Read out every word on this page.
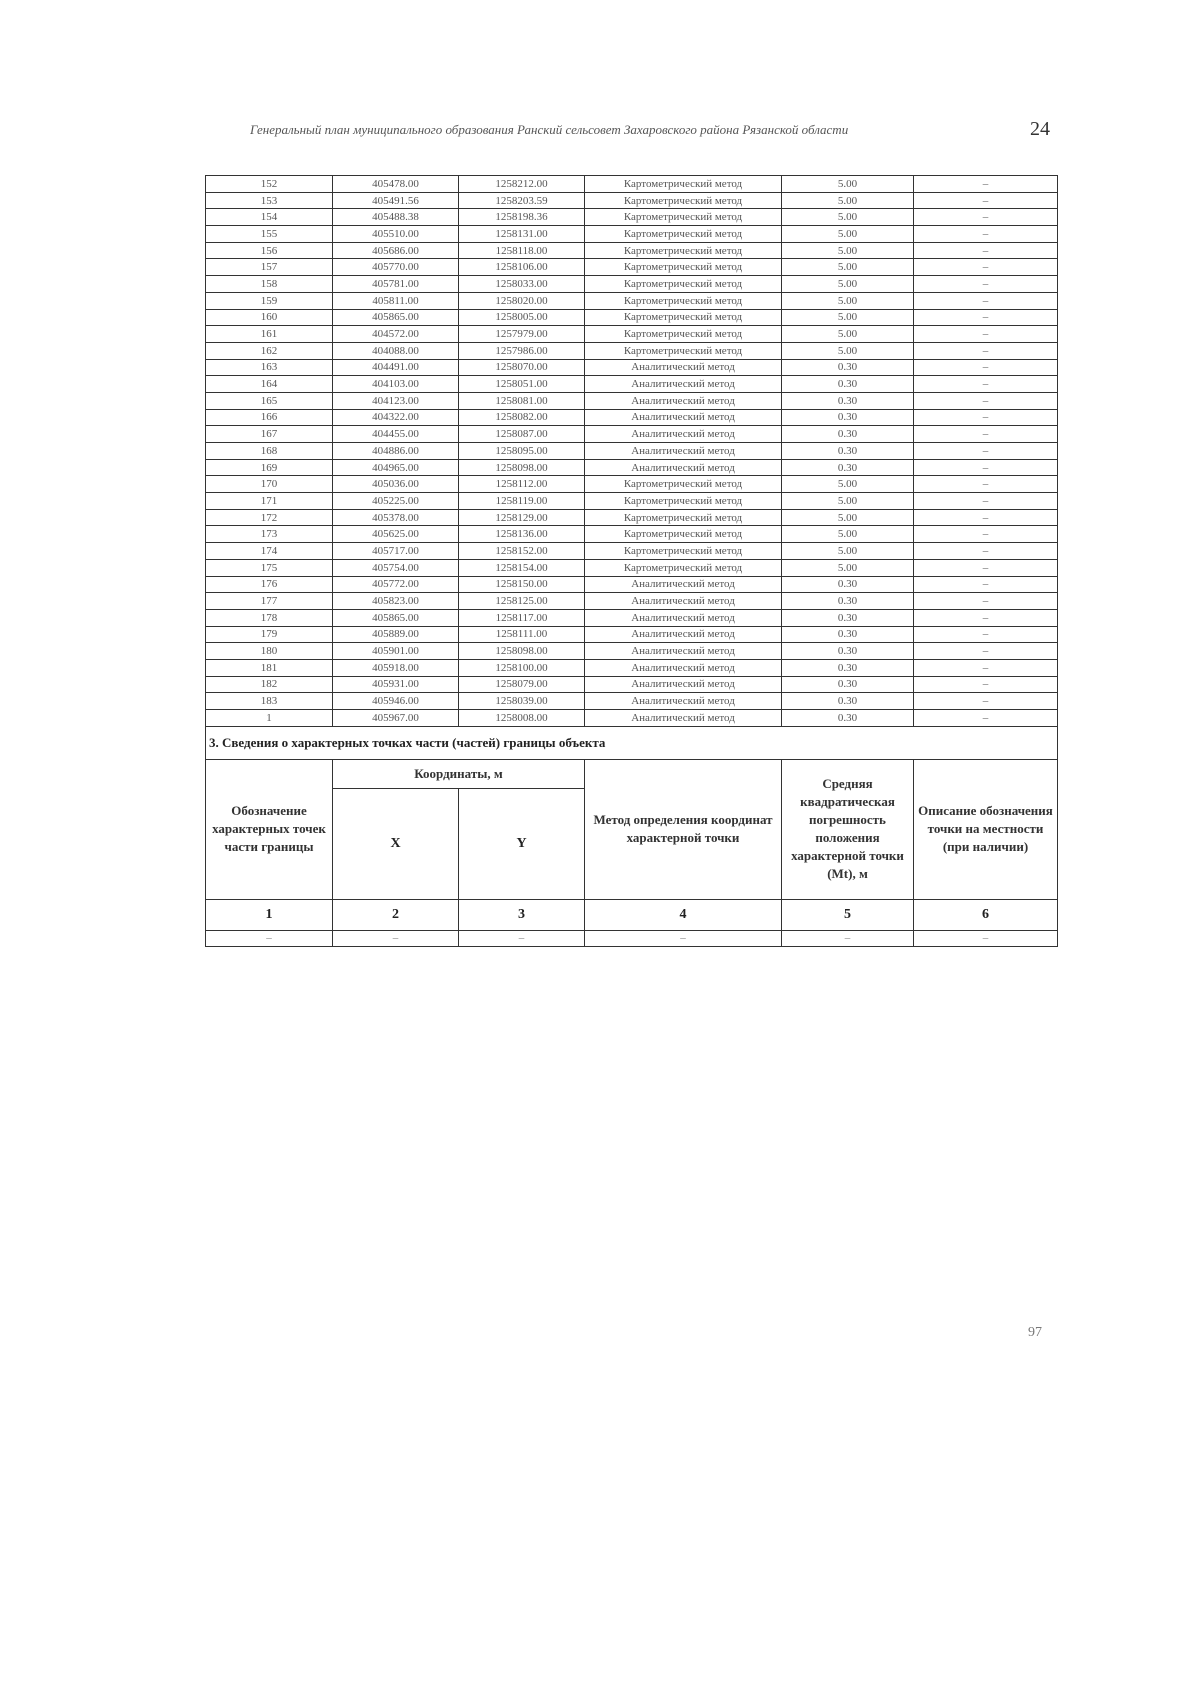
Генеральный план муниципального образования Ранский сельсовет Захаровского района Рязанской области	24
152	405478.00	1258212.00	Картометрический метод	5.00	–
153	405491.56	1258203.59	Картометрический метод	5.00	–
154	405488.38	1258198.36	Картометрический метод	5.00	–
155	405510.00	1258131.00	Картометрический метод	5.00	–
156	405686.00	1258118.00	Картометрический метод	5.00	–
157	405770.00	1258106.00	Картометрический метод	5.00	–
158	405781.00	1258033.00	Картометрический метод	5.00	–
159	405811.00	1258020.00	Картометрический метод	5.00	–
160	405865.00	1258005.00	Картометрический метод	5.00	–
161	404572.00	1257979.00	Картометрический метод	5.00	–
162	404088.00	1257986.00	Картометрический метод	5.00	–
163	404491.00	1258070.00	Аналитический метод	0.30	–
164	404103.00	1258051.00	Аналитический метод	0.30	–
165	404123.00	1258081.00	Аналитический метод	0.30	–
166	404322.00	1258082.00	Аналитический метод	0.30	–
167	404455.00	1258087.00	Аналитический метод	0.30	–
168	404886.00	1258095.00	Аналитический метод	0.30	–
169	404965.00	1258098.00	Аналитический метод	0.30	–
170	405036.00	1258112.00	Картометрический метод	5.00	–
171	405225.00	1258119.00	Картометрический метод	5.00	–
172	405378.00	1258129.00	Картометрический метод	5.00	–
173	405625.00	1258136.00	Картометрический метод	5.00	–
174	405717.00	1258152.00	Картометрический метод	5.00	–
175	405754.00	1258154.00	Картометрический метод	5.00	–
176	405772.00	1258150.00	Аналитический метод	0.30	–
177	405823.00	1258125.00	Аналитический метод	0.30	–
178	405865.00	1258117.00	Аналитический метод	0.30	–
179	405889.00	1258111.00	Аналитический метод	0.30	–
180	405901.00	1258098.00	Аналитический метод	0.30	–
181	405918.00	1258100.00	Аналитический метод	0.30	–
182	405931.00	1258079.00	Аналитический метод	0.30	–
183	405946.00	1258039.00	Аналитический метод	0.30	–
1	405967.00	1258008.00	Аналитический метод	0.30	–
3. Сведения о характерных точках части (частей) границы объекта					
Обозначение характерных точек части границы	Координаты, м		Метод определения координат характерной точки	Средняя квадратическая погрешность положения характерной точки (Mt), м	Описание обозначения точки на местности (при наличии)
	X	Y			
1	2	3	4	5	6
–	–	–	–	–	–
97
